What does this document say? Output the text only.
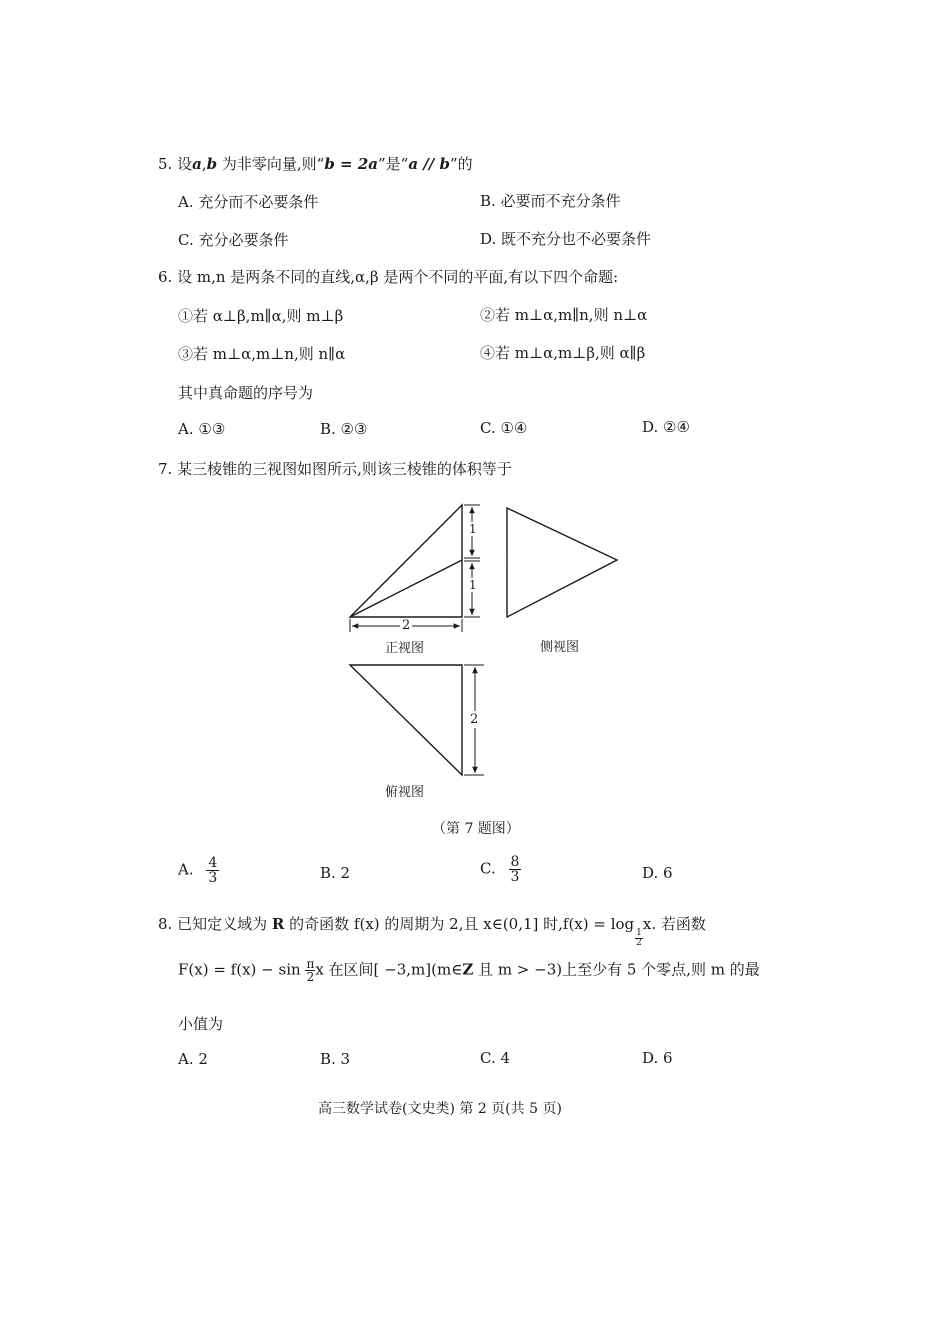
5. 设a,b 为非零向量,则“b = 2a”是“a // b”的
A. 充分而不必要条件	B. 必要而不充分条件
C. 充分必要条件	D. 既不充分也不必要条件
6. 设 m,n 是两条不同的直线,α,β 是两个不同的平面,有以下四个命题:
①若 α⊥β,m∥α,则 m⊥β	②若 m⊥α,m∥n,则 n⊥α
③若 m⊥α,m⊥n,则 n∥α	④若 m⊥α,m⊥β,则 α∥β
其中真命题的序号为
A. ①③	B. ②③	C. ①④	D. ②④
7. 某三棱锥的三视图如图所示,则该三棱锥的体积等于
1
1
2
2
正视图	侧视图
俯视图
（第 7 题图）
A. $\frac{4}{3}$	B. 2	C. $\frac{8}{3}$	D. 6
8. 已知定义域为 R 的奇函数 f(x) 的周期为 2,且 x∈(0,1] 时,f(x) = log
$\frac{1}{2}$
x. 若函数
$F(x) = f(x) - \sin \frac{\pi}{2}$ x 在区间[ −3,m](m∈Z 且 m > −3)上至少有 5 个零点,则 m 的最
小值为
A. 2	B. 3	C. 4	D. 6
高三数学试卷(文史类) 第 2 页(共 5 页)
